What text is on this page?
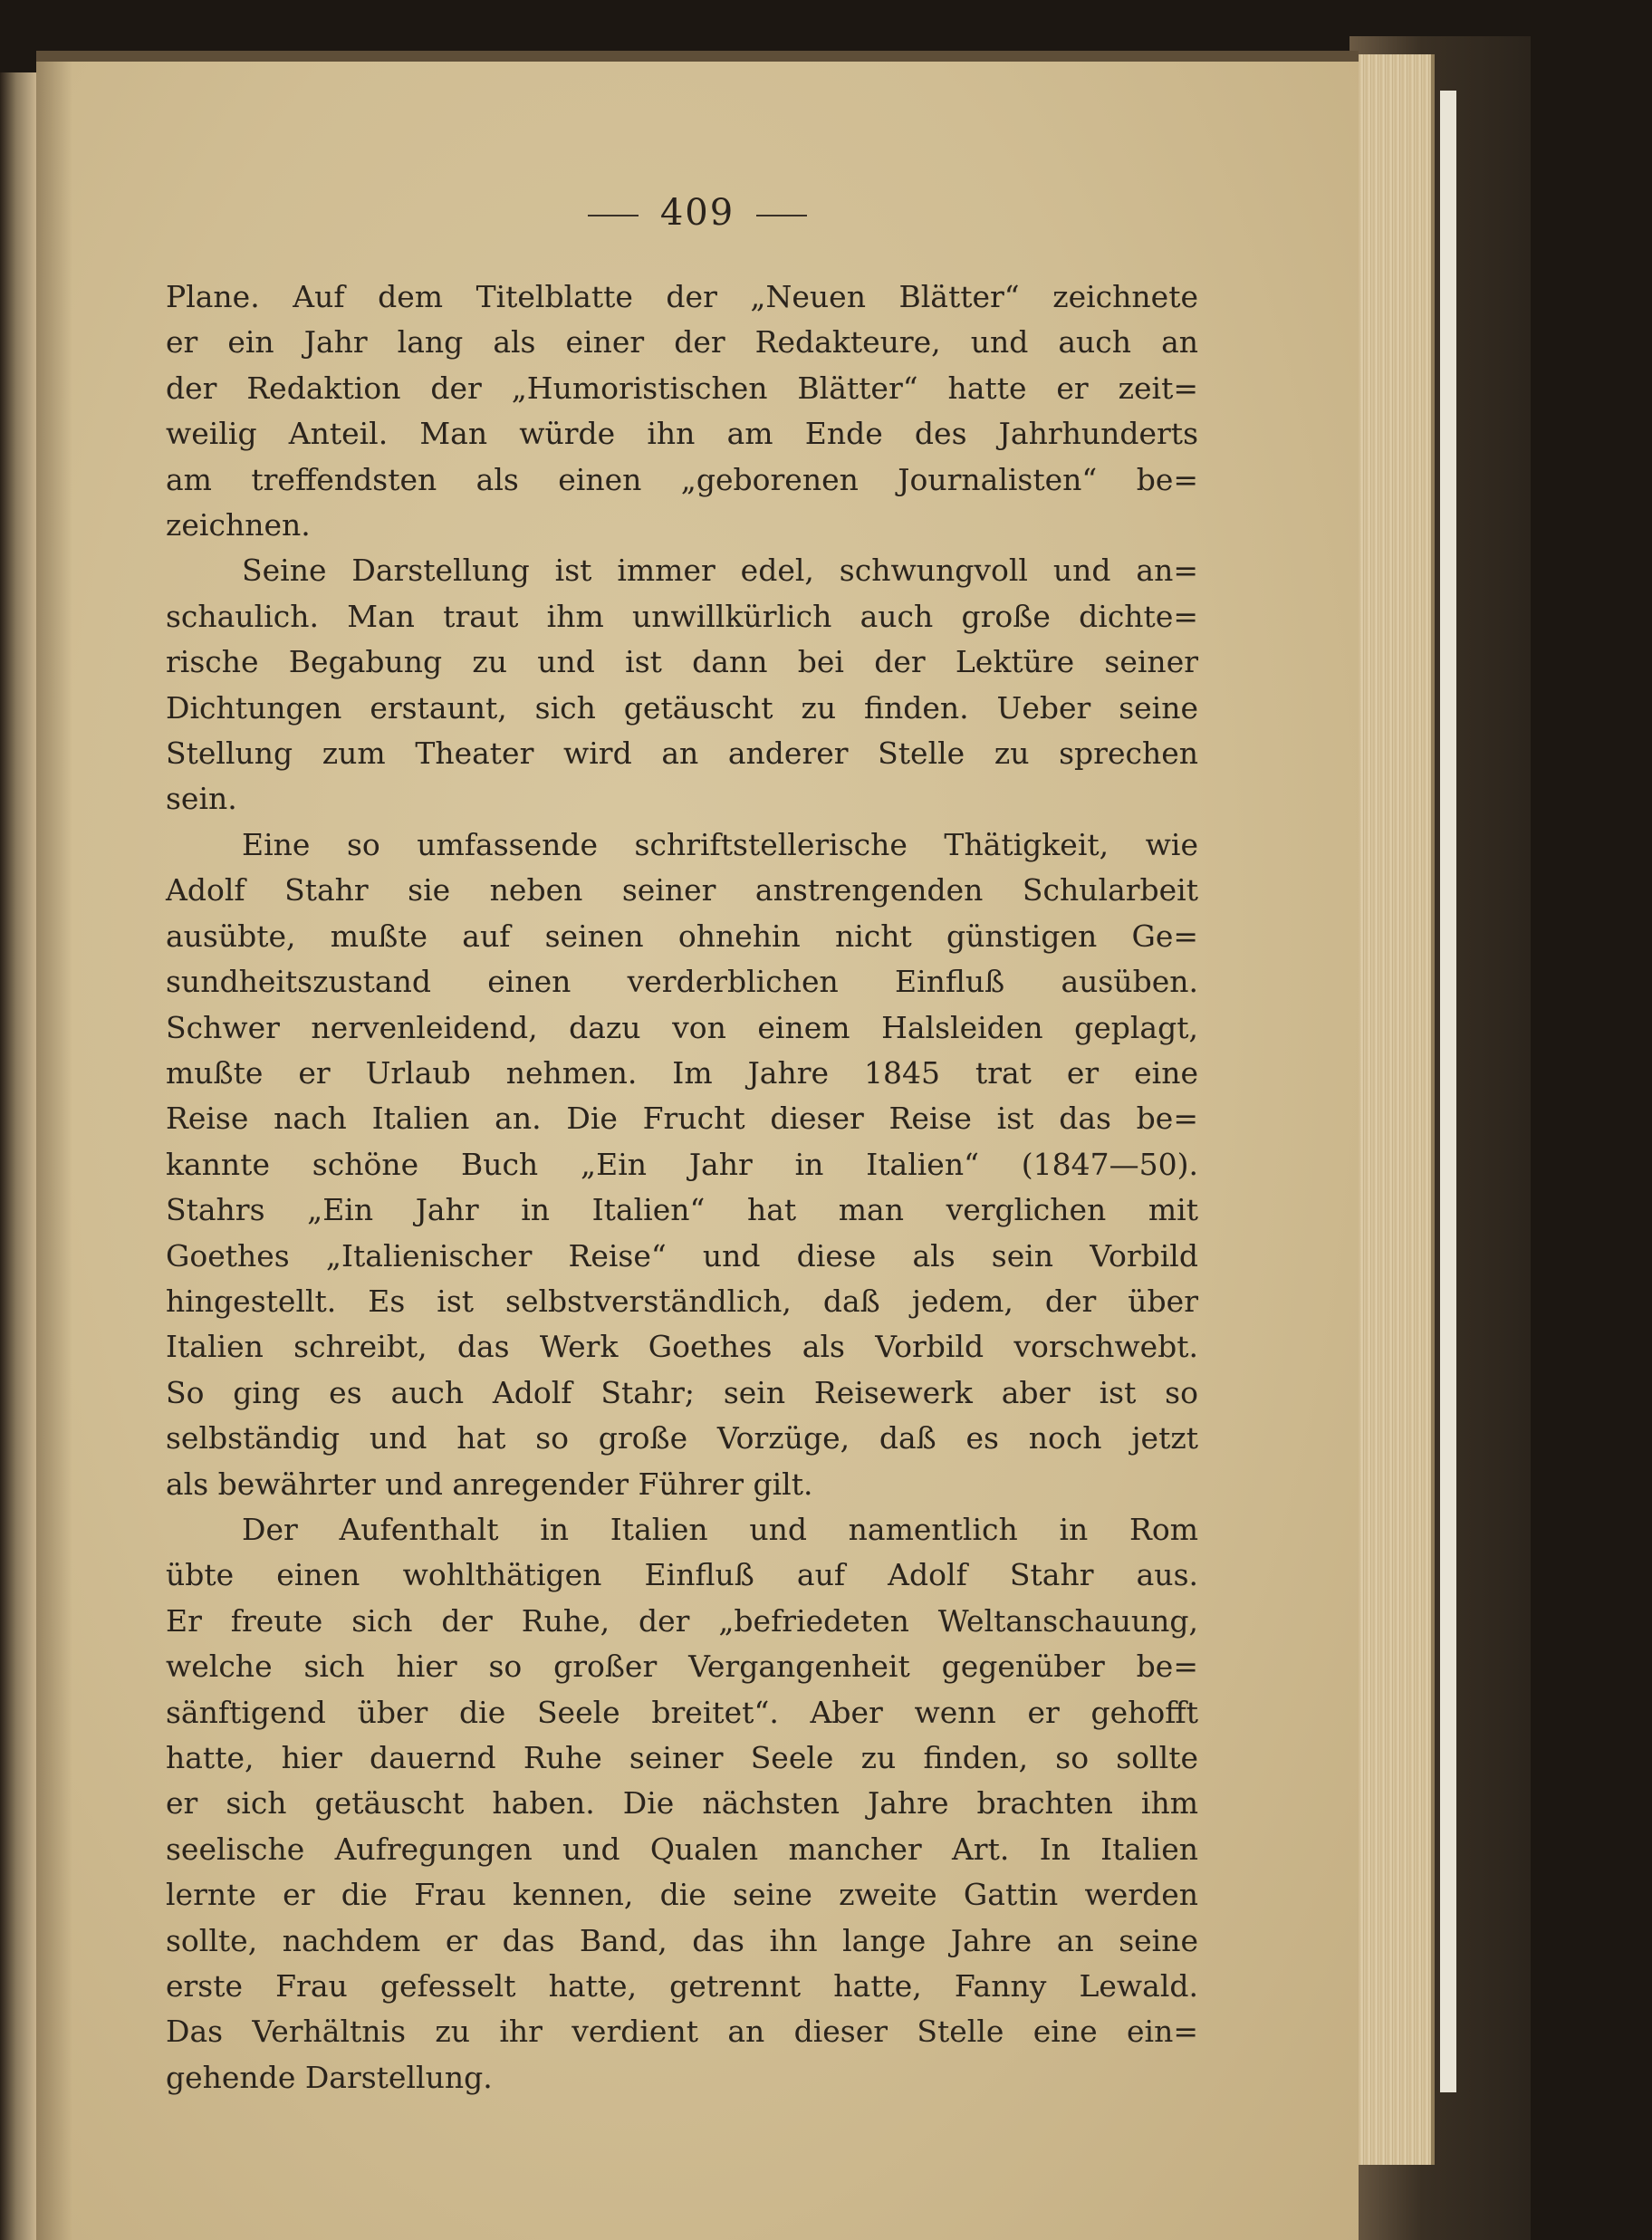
409

Plane. Auf dem Titelblatte der „Neuen Blätter“ zeichnete
er ein Jahr lang als einer der Redakteure, und auch an
der Redaktion der „Humoristischen Blätter“ hatte er zeit=
weilig Anteil. Man würde ihn am Ende des Jahrhunderts
am treffendsten als einen „geborenen Journalisten“ be=
zeichnen.

Seine Darstellung ist immer edel, schwungvoll und an=
schaulich. Man traut ihm unwillkürlich auch große dichte=
rische Begabung zu und ist dann bei der Lektüre seiner
Dichtungen erstaunt, sich getäuscht zu finden. Ueber seine
Stellung zum Theater wird an anderer Stelle zu sprechen
sein.

Eine so umfassende schriftstellerische Thätigkeit, wie
Adolf Stahr sie neben seiner anstrengenden Schularbeit
ausübte, mußte auf seinen ohnehin nicht günstigen Ge=
sundheitszustand einen verderblichen Einfluß ausüben.
Schwer nervenleidend, dazu von einem Halsleiden geplagt,
mußte er Urlaub nehmen. Im Jahre 1845 trat er eine
Reise nach Italien an. Die Frucht dieser Reise ist das be=
kannte schöne Buch „Ein Jahr in Italien“ (1847—50).
Stahrs „Ein Jahr in Italien“ hat man verglichen mit
Goethes „Italienischer Reise“ und diese als sein Vorbild
hingestellt. Es ist selbstverständlich, daß jedem, der über
Italien schreibt, das Werk Goethes als Vorbild vorschwebt.
So ging es auch Adolf Stahr; sein Reisewerk aber ist so
selbständig und hat so große Vorzüge, daß es noch jetzt
als bewährter und anregender Führer gilt.

Der Aufenthalt in Italien und namentlich in Rom
übte einen wohlthätigen Einfluß auf Adolf Stahr aus.
Er freute sich der Ruhe, der „befriedeten Weltanschauung,
welche sich hier so großer Vergangenheit gegenüber be=
sänftigend über die Seele breitet“. Aber wenn er gehofft
hatte, hier dauernd Ruhe seiner Seele zu finden, so sollte
er sich getäuscht haben. Die nächsten Jahre brachten ihm
seelische Aufregungen und Qualen mancher Art. In Italien
lernte er die Frau kennen, die seine zweite Gattin werden
sollte, nachdem er das Band, das ihn lange Jahre an seine
erste Frau gefesselt hatte, getrennt hatte, Fanny Lewald.
Das Verhältnis zu ihr verdient an dieser Stelle eine ein=
gehende Darstellung.
